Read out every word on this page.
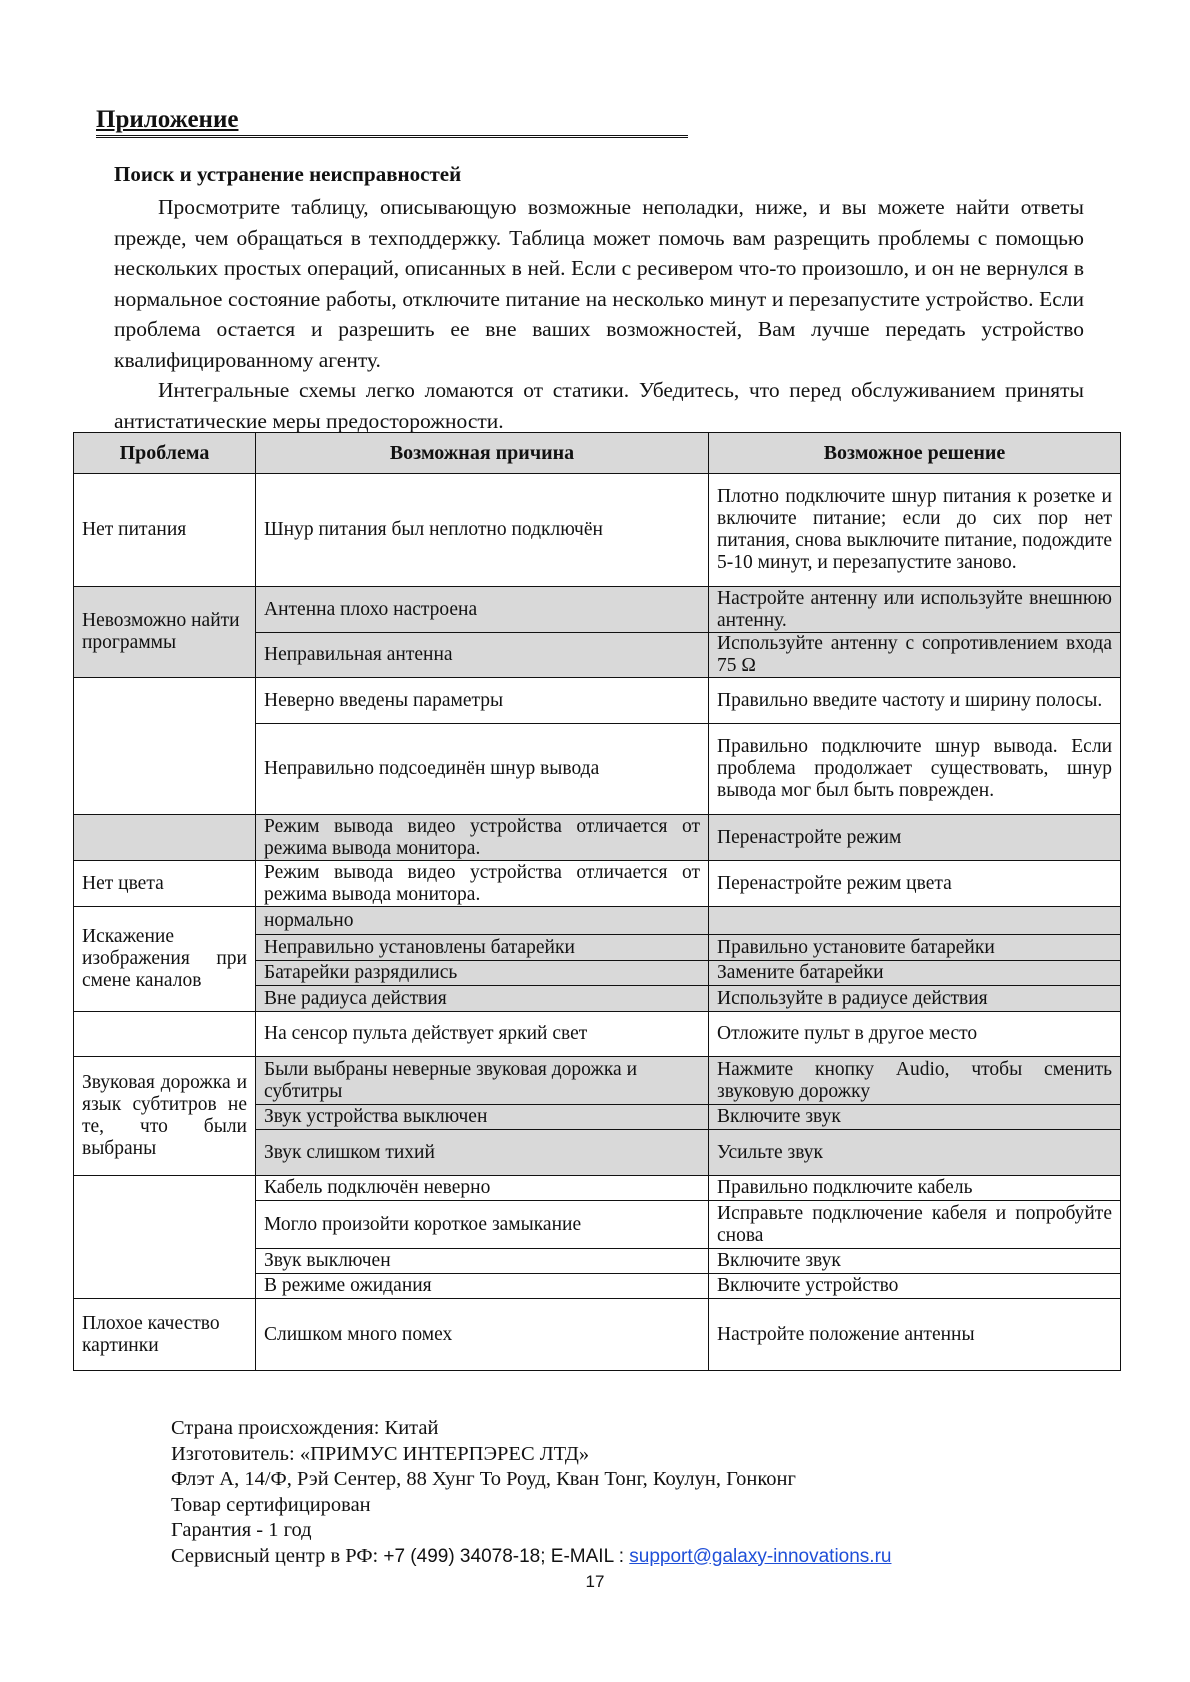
Приложение
Поиск и устранение неисправностей

Просмотрите таблицу, описывающую возможные неполадки, ниже, и вы можете найти ответы прежде, чем обращаться в техподдержку. Таблица может помочь вам разрещить проблемы с помощью нескольких простых операций, описанных в ней. Если с ресивером что-то произошло, и он не вернулся в нормальное состояние работы, отключите питание на несколько минут и перезапустите устройство. Если проблема остается и разрешить ее вне ваших возможностей, Вам лучше передать устройство квалифицированному агенту.

Интегральные схемы легко ломаются от статики. Убедитесь, что перед обслуживанием приняты антистатические меры предосторожности.

Проблема	Возможная причина	Возможное решение
Нет питания	Шнур питания был неплотно подключён	Плотно подключите шнур питания к розетке и включите питание; если до сих пор нет питания, снова выключите питание, подождите 5-10 минут, и перезапустите заново.
Невозможно найти программы	Антенна плохо настроена	Настройте антенну или используйте внешнюю антенну.
	Неправильная антенна	Используйте антенну с сопротивлением входа 75 Ω
	Неверно введены параметры	Правильно введите частоту и ширину полосы.
	Неправильно подсоединён шнур вывода	Правильно подключите шнур вывода. Если проблема продолжает существовать, шнур вывода мог был быть поврежден.
	Режим вывода видео устройства отличается от режима вывода монитора.	Перенастройте режим
Нет цвета	Режим вывода видео устройства отличается от режима вывода монитора.	Перенастройте режим цвета
Искажение изображения при смене каналов	нормально	
	Неправильно установлены батарейки	Правильно установите батарейки
	Батарейки разрядились	Замените батарейки
	Вне радиуса действия	Используйте в радиусе действия
	На сенсор пульта действует яркий свет	Отложите пульт в другое место
Звуковая дорожка и язык субтитров не те, что были выбраны	Были выбраны неверные звуковая дорожка и субтитры	Нажмите кнопку Audio, чтобы сменить звуковую дорожку
	Звук устройства выключен	Включите звук
	Звук слишком тихий	Усильте звук
	Кабель подключён неверно	Правильно подключите кабель
	Могло произойти короткое замыкание	Исправьте подключение кабеля и попробуйте снова
	Звук выключен	Включите звук
	В режиме ожидания	Включите устройство
Плохое качество картинки	Слишком много помех	Настройте положение антенны
Страна происхождения: Китай
Изготовитель: «ПРИМУС ИНТЕРПЭРЕС ЛТД»
Флэт А, 14/Ф, Рэй Сентер, 88 Хунг То Роуд, Кван Тонг, Коулун, Гонконг
Товар сертифицирован
Гарантия - 1 год
Сервисный центр в РФ: +7 (499) 34078-18; E-MAIL : support@galaxy-innovations.ru
17
